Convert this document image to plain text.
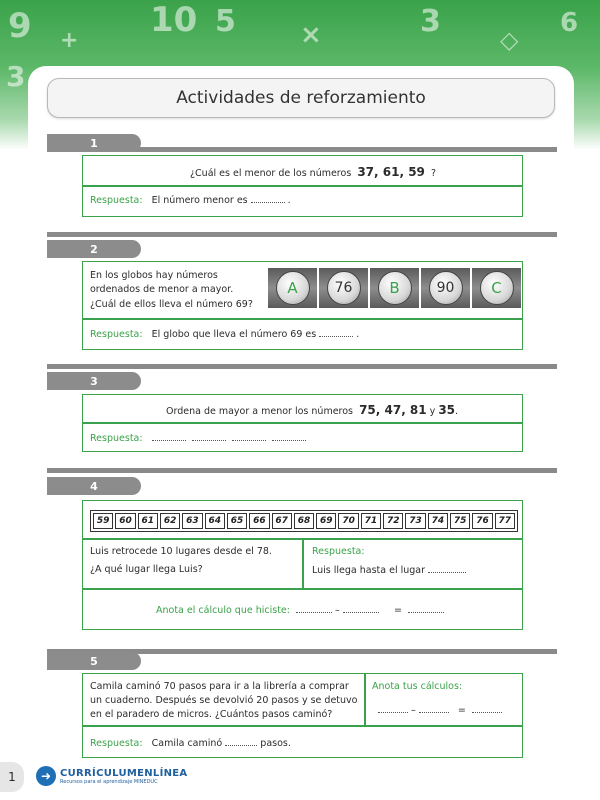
9 +
10 5 ×	3
◇
6
3
Actividades de reforzamiento
1
¿Cuál es el menor de los números 37, 61, 59 ?
Respuesta: El número menor es	.
2
En los globos hay números
ordenados de menor a mayor.
¿Cuál de ellos lleva el número 69?
A	76	B	90	C
Respuesta: El globo que lleva el número 69 es	.
3
Ordena de mayor a menor los números 75, 47, 81 y 35.
Respuesta:
4
59	60	61	62	63	64	65	66	67	68	69	70	71	72	73	74	75	76	77
Luis retrocede 10 lugares desde el 78.
¿A qué lugar llega Luis?
Respuesta:
Luis llega hasta el lugar
Anota el cálculo que hiciste:	–	=
5
Camila caminó 70 pasos para ir a la librería a comprar
un cuaderno. Después se devolvió 20 pasos y se detuvo
en el paradero de micros. ¿Cuántos pasos caminó?
Anota tus cálculos:
–	=
Respuesta: Camila caminó	pasos.
1	➜ CURRÍCULUMENLÍNEA
Recursos para el aprendizaje MINEDUC
